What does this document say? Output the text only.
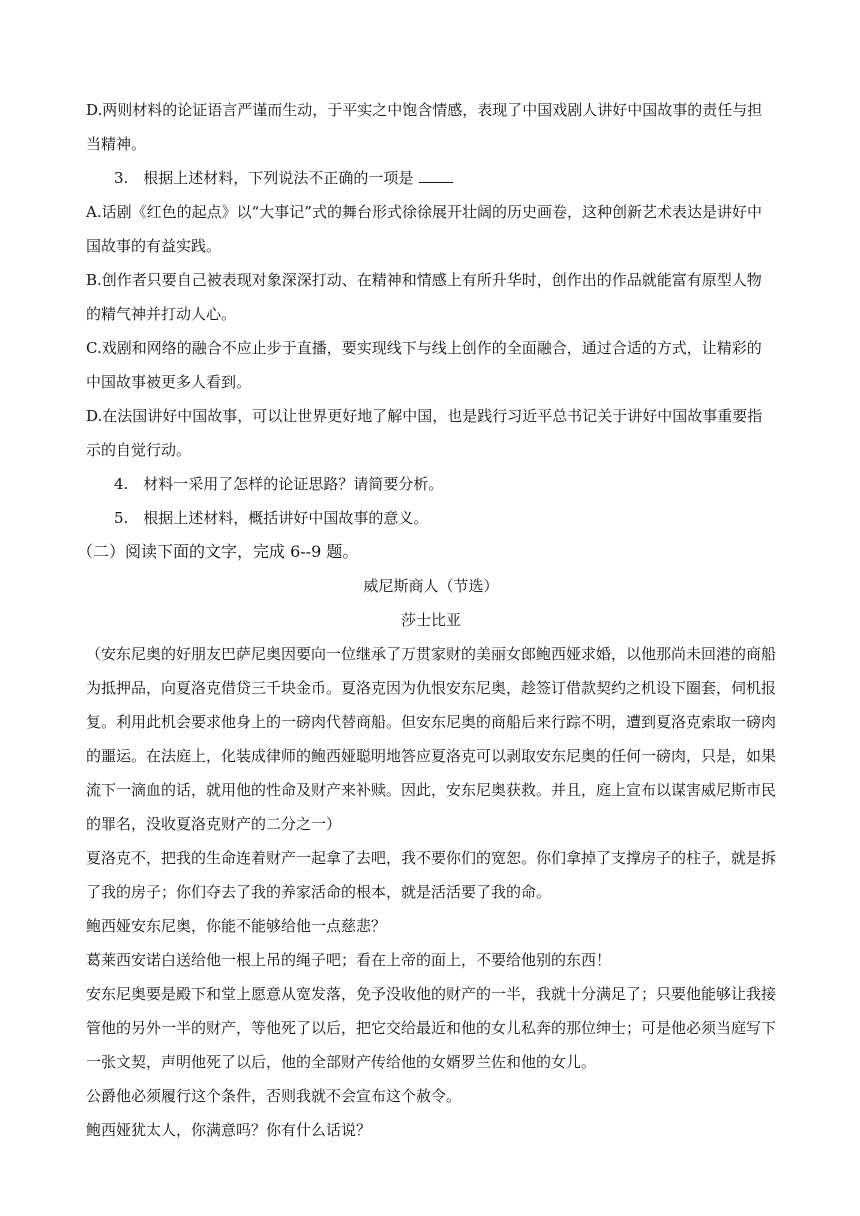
D.两则材料的论证语言严谨而生动，于平实之中饱含情感，表现了中国戏剧人讲好中国故事的责任与担当精神。

3.　根据上述材料，下列说法不正确的一项是

A.话剧《红色的起点》以“大事记”式的舞台形式徐徐展开壮阔的历史画卷，这种创新艺术表达是讲好中国故事的有益实践。

B.创作者只要自己被表现对象深深打动、在精神和情感上有所升华时，创作出的作品就能富有原型人物的精气神并打动人心。

C.戏剧和网络的融合不应止步于直播，要实现线下与线上创作的全面融合，通过合适的方式，让精彩的中国故事被更多人看到。

D.在法国讲好中国故事，可以让世界更好地了解中国，也是践行习近平总书记关于讲好中国故事重要指示的自觉行动。

4.　材料一采用了怎样的论证思路？请简要分析。

5.　根据上述材料，概括讲好中国故事的意义。

（二）阅读下面的文字，完成 6--9 题。

威尼斯商人（节选）

莎士比亚

（安东尼奥的好朋友巴萨尼奥因要向一位继承了万贯家财的美丽女郎鲍西娅求婚，以他那尚未回港的商船为抵押品，向夏洛克借贷三千块金币。夏洛克因为仇恨安东尼奥，趁签订借款契约之机设下圈套，伺机报复。利用此机会要求他身上的一磅肉代替商船。但安东尼奥的商船后来行踪不明，遭到夏洛克索取一磅肉的噩运。在法庭上，化装成律师的鲍西娅聪明地答应夏洛克可以剥取安东尼奥的任何一磅肉，只是，如果流下一滴血的话，就用他的性命及财产来补赎。因此，安东尼奥获救。并且，庭上宣布以谋害威尼斯市民的罪名，没收夏洛克财产的二分之一）

夏洛克不，把我的生命连着财产一起拿了去吧，我不要你们的宽恕。你们拿掉了支撑房子的柱子，就是拆了我的房子；你们夺去了我的养家活命的根本，就是活活要了我的命。

鲍西娅安东尼奥，你能不能够给他一点慈悲？

葛莱西安诺白送给他一根上吊的绳子吧；看在上帝的面上，不要给他别的东西！

安东尼奥要是殿下和堂上愿意从宽发落，免予没收他的财产的一半，我就十分满足了；只要他能够让我接管他的另外一半的财产，等他死了以后，把它交给最近和他的女儿私奔的那位绅士；可是他必须当庭写下一张文契，声明他死了以后，他的全部财产传给他的女婿罗兰佐和他的女儿。

公爵他必须履行这个条件，否则我就不会宣布这个赦令。

鲍西娅犹太人，你满意吗？你有什么话说？
